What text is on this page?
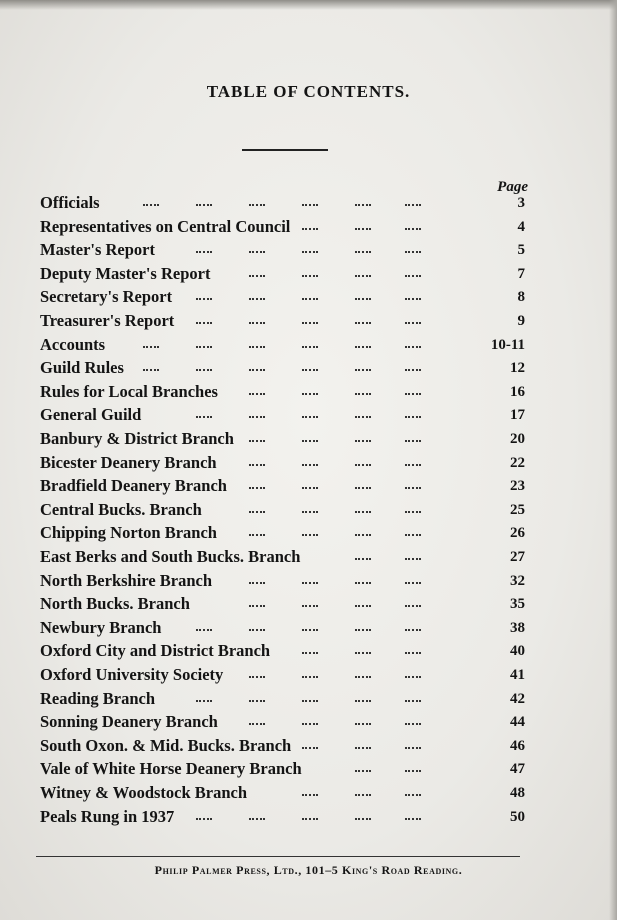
TABLE OF CONTENTS.
Page
Officials	3
Representatives on Central Council	4
Master's Report	5
Deputy Master's Report	7
Secretary's Report	8
Treasurer's Report	9
Accounts	10-11
Guild Rules	12
Rules for Local Branches	16
General Guild	17
Banbury & District Branch	20
Bicester Deanery Branch	22
Bradfield Deanery Branch	23
Central Bucks. Branch	25
Chipping Norton Branch	26
East Berks and South Bucks. Branch	27
North Berkshire Branch	32
North Bucks. Branch	35
Newbury Branch	38
Oxford City and District Branch	40
Oxford University Society	41
Reading Branch	42
Sonning Deanery Branch	44
South Oxon. & Mid. Bucks. Branch	46
Vale of White Horse Deanery Branch	47
Witney & Woodstock Branch	48
Peals Rung in 1937	50
Philip Palmer Press, Ltd., 101–5 King's Road Reading.
